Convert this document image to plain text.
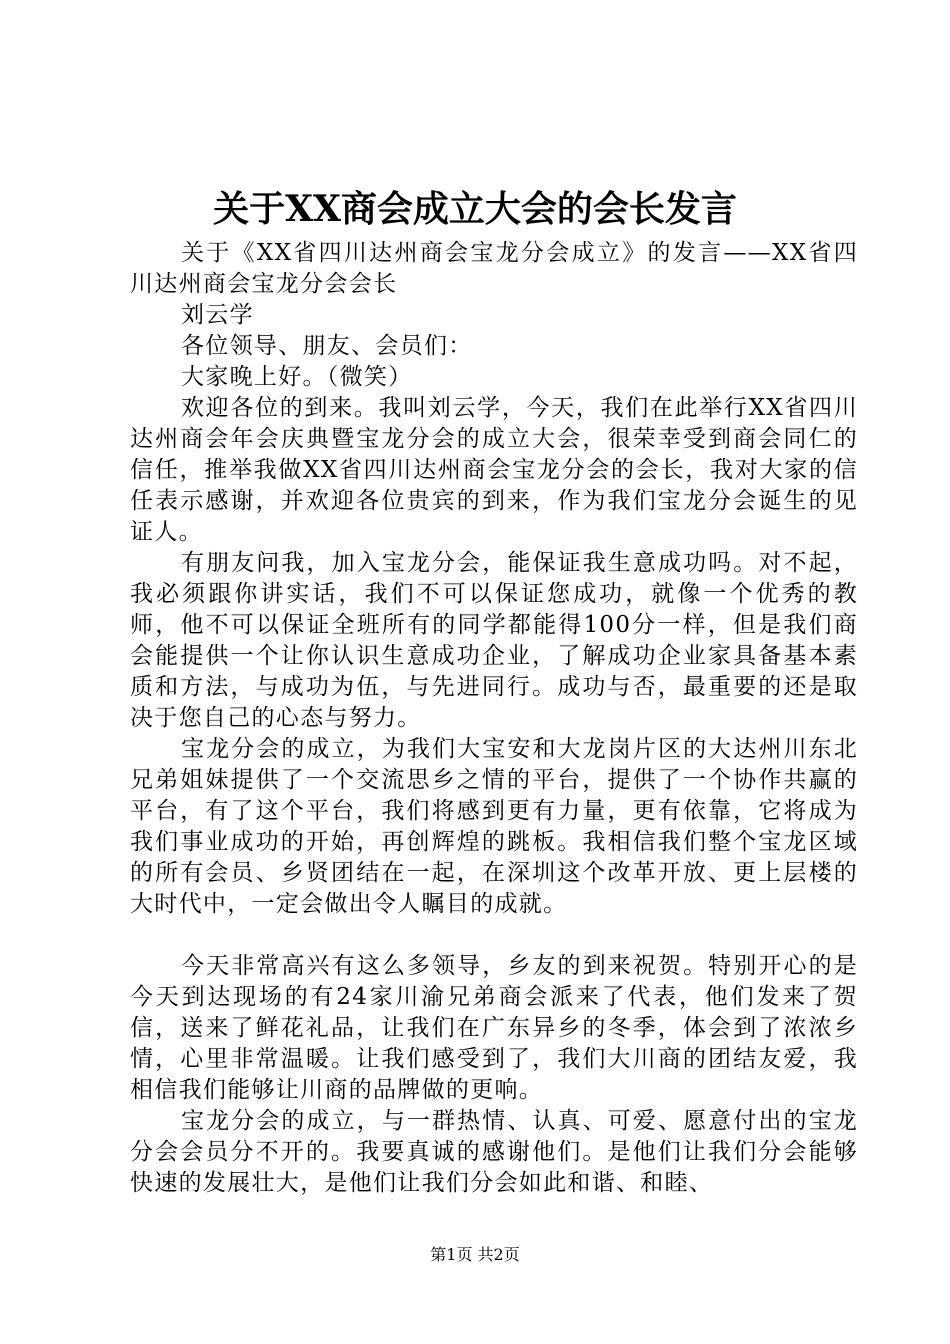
关于XX商会成立大会的会长发言

关于《XX省四川达州商会宝龙分会成立》的发言——XX省四川达州商会宝龙分会会长

刘云学

各位领导、朋友、会员们：

大家晚上好。（微笑）

欢迎各位的到来。我叫刘云学，今天，我们在此举行XX省四川达州商会年会庆典暨宝龙分会的成立大会，很荣幸受到商会同仁的信任，推举我做XX省四川达州商会宝龙分会的会长，我对大家的信任表示感谢，并欢迎各位贵宾的到来，作为我们宝龙分会诞生的见证人。

有朋友问我，加入宝龙分会，能保证我生意成功吗。对不起，我必须跟你讲实话，我们不可以保证您成功，就像一个优秀的教师，他不可以保证全班所有的同学都能得100分一样，但是我们商会能提供一个让你认识生意成功企业，了解成功企业家具备基本素质和方法，与成功为伍，与先进同行。成功与否，最重要的还是取决于您自己的心态与努力。

宝龙分会的成立，为我们大宝安和大龙岗片区的大达州川东北兄弟姐妹提供了一个交流思乡之情的平台，提供了一个协作共赢的平台，有了这个平台，我们将感到更有力量，更有依靠，它将成为我们事业成功的开始，再创辉煌的跳板。我相信我们整个宝龙区域的所有会员、乡贤团结在一起，在深圳这个改革开放、更上层楼的大时代中，一定会做出令人瞩目的成就。

今天非常高兴有这么多领导，乡友的到来祝贺。特别开心的是今天到达现场的有24家川渝兄弟商会派来了代表，他们发来了贺信，送来了鲜花礼品，让我们在广东异乡的冬季，体会到了浓浓乡情，心里非常温暖。让我们感受到了，我们大川商的团结友爱，我相信我们能够让川商的品牌做的更响。

宝龙分会的成立，与一群热情、认真、可爱、愿意付出的宝龙分会会员分不开的。我要真诚的感谢他们。是他们让我们分会能够快速的发展壮大，是他们让我们分会如此和谐、和睦、

第1页 共2页
